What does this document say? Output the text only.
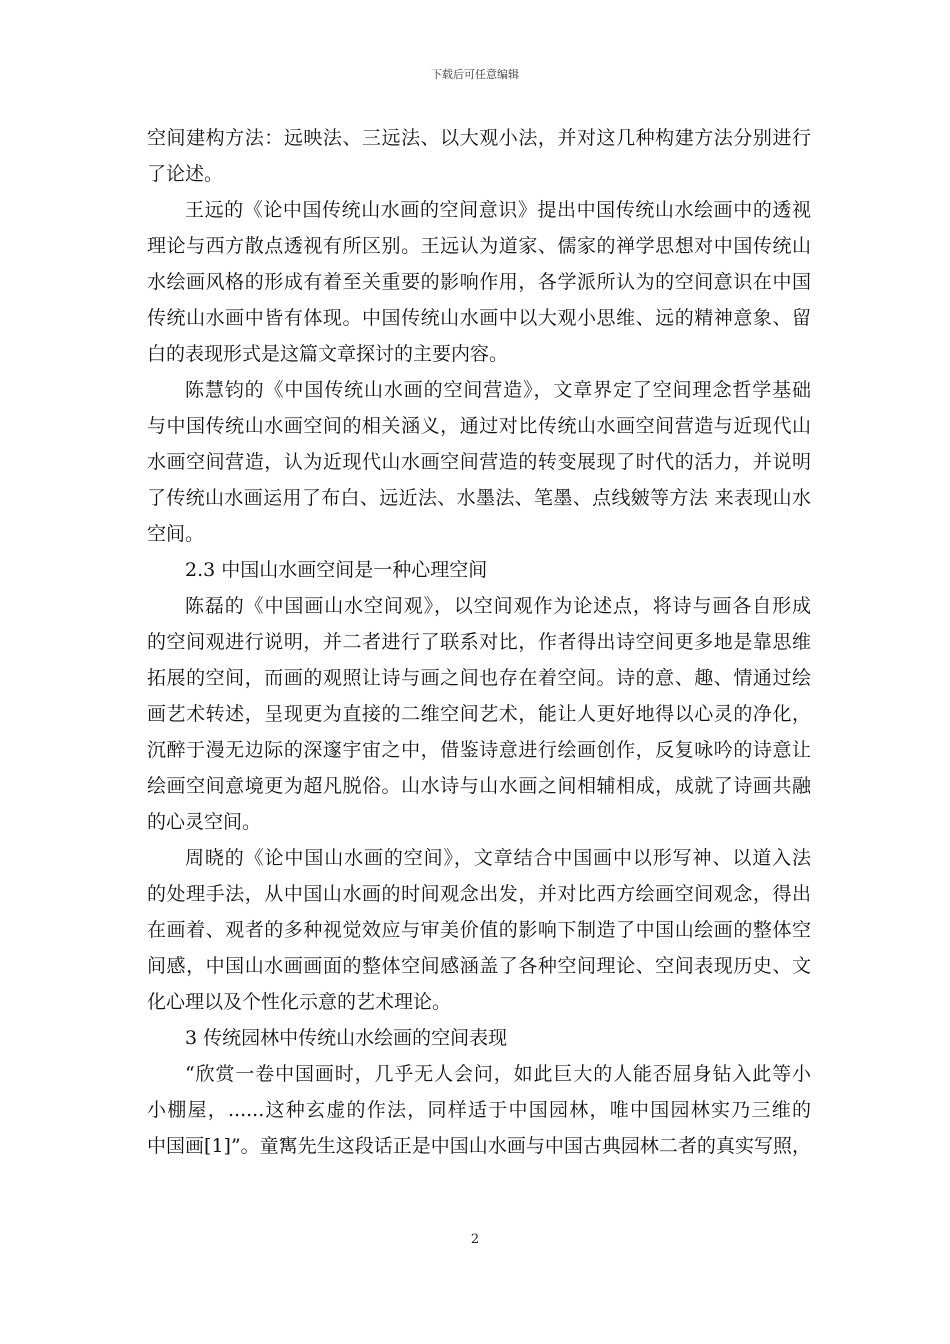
下载后可任意编辑
空间建构方法：远映法、三远法、以大观小法，并对这几种构建方法分别进行
了论述。
王远的《论中国传统山水画的空间意识》提出中国传统山水绘画中的透视
理论与西方散点透视有所区别。王远认为道家、儒家的禅学思想对中国传统山
水绘画风格的形成有着至关重要的影响作用，各学派所认为的空间意识在中国
传统山水画中皆有体现。中国传统山水画中以大观小思维、远的精神意象、留
白的表现形式是这篇文章探讨的主要内容。
陈慧钧的《中国传统山水画的空间营造》，文章界定了空间理念哲学基础
与中国传统山水画空间的相关涵义，通过对比传统山水画空间营造与近现代山
水画空间营造，认为近现代山水画空间营造的转变展现了时代的活力，并说明
了传统山水画运用了布白、远近法、水墨法、笔墨、点线皴等方法 来表现山水
空间。
2.3 中国山水画空间是一种心理空间
陈磊的《中国画山水空间观》，以空间观作为论述点，将诗与画各自形成
的空间观进行说明，并二者进行了联系对比，作者得出诗空间更多地是靠思维
拓展的空间，而画的观照让诗与画之间也存在着空间。诗的意、趣、情通过绘
画艺术转述，呈现更为直接的二维空间艺术，能让人更好地得以心灵的净化，
沉醉于漫无边际的深邃宇宙之中，借鉴诗意进行绘画创作，反复咏吟的诗意让
绘画空间意境更为超凡脱俗。山水诗与山水画之间相辅相成，成就了诗画共融
的心灵空间。
周晓的《论中国山水画的空间》，文章结合中国画中以形写神、以道入法
的处理手法，从中国山水画的时间观念出发，并对比西方绘画空间观念，得出
在画着、观者的多种视觉效应与审美价值的影响下制造了中国山绘画的整体空
间感，中国山水画画面的整体空间感涵盖了各种空间理论、空间表现历史、文
化心理以及个性化示意的艺术理论。
3 传统园林中传统山水绘画的空间表现
“欣赏一卷中国画时，几乎无人会问，如此巨大的人能否屈身钻入此等小
小棚屋，......这种玄虚的作法，同样适于中国园林，唯中国园林实乃三维的
中国画[1]”。童寯先生这段话正是中国山水画与中国古典园林二者的真实写照，
2
